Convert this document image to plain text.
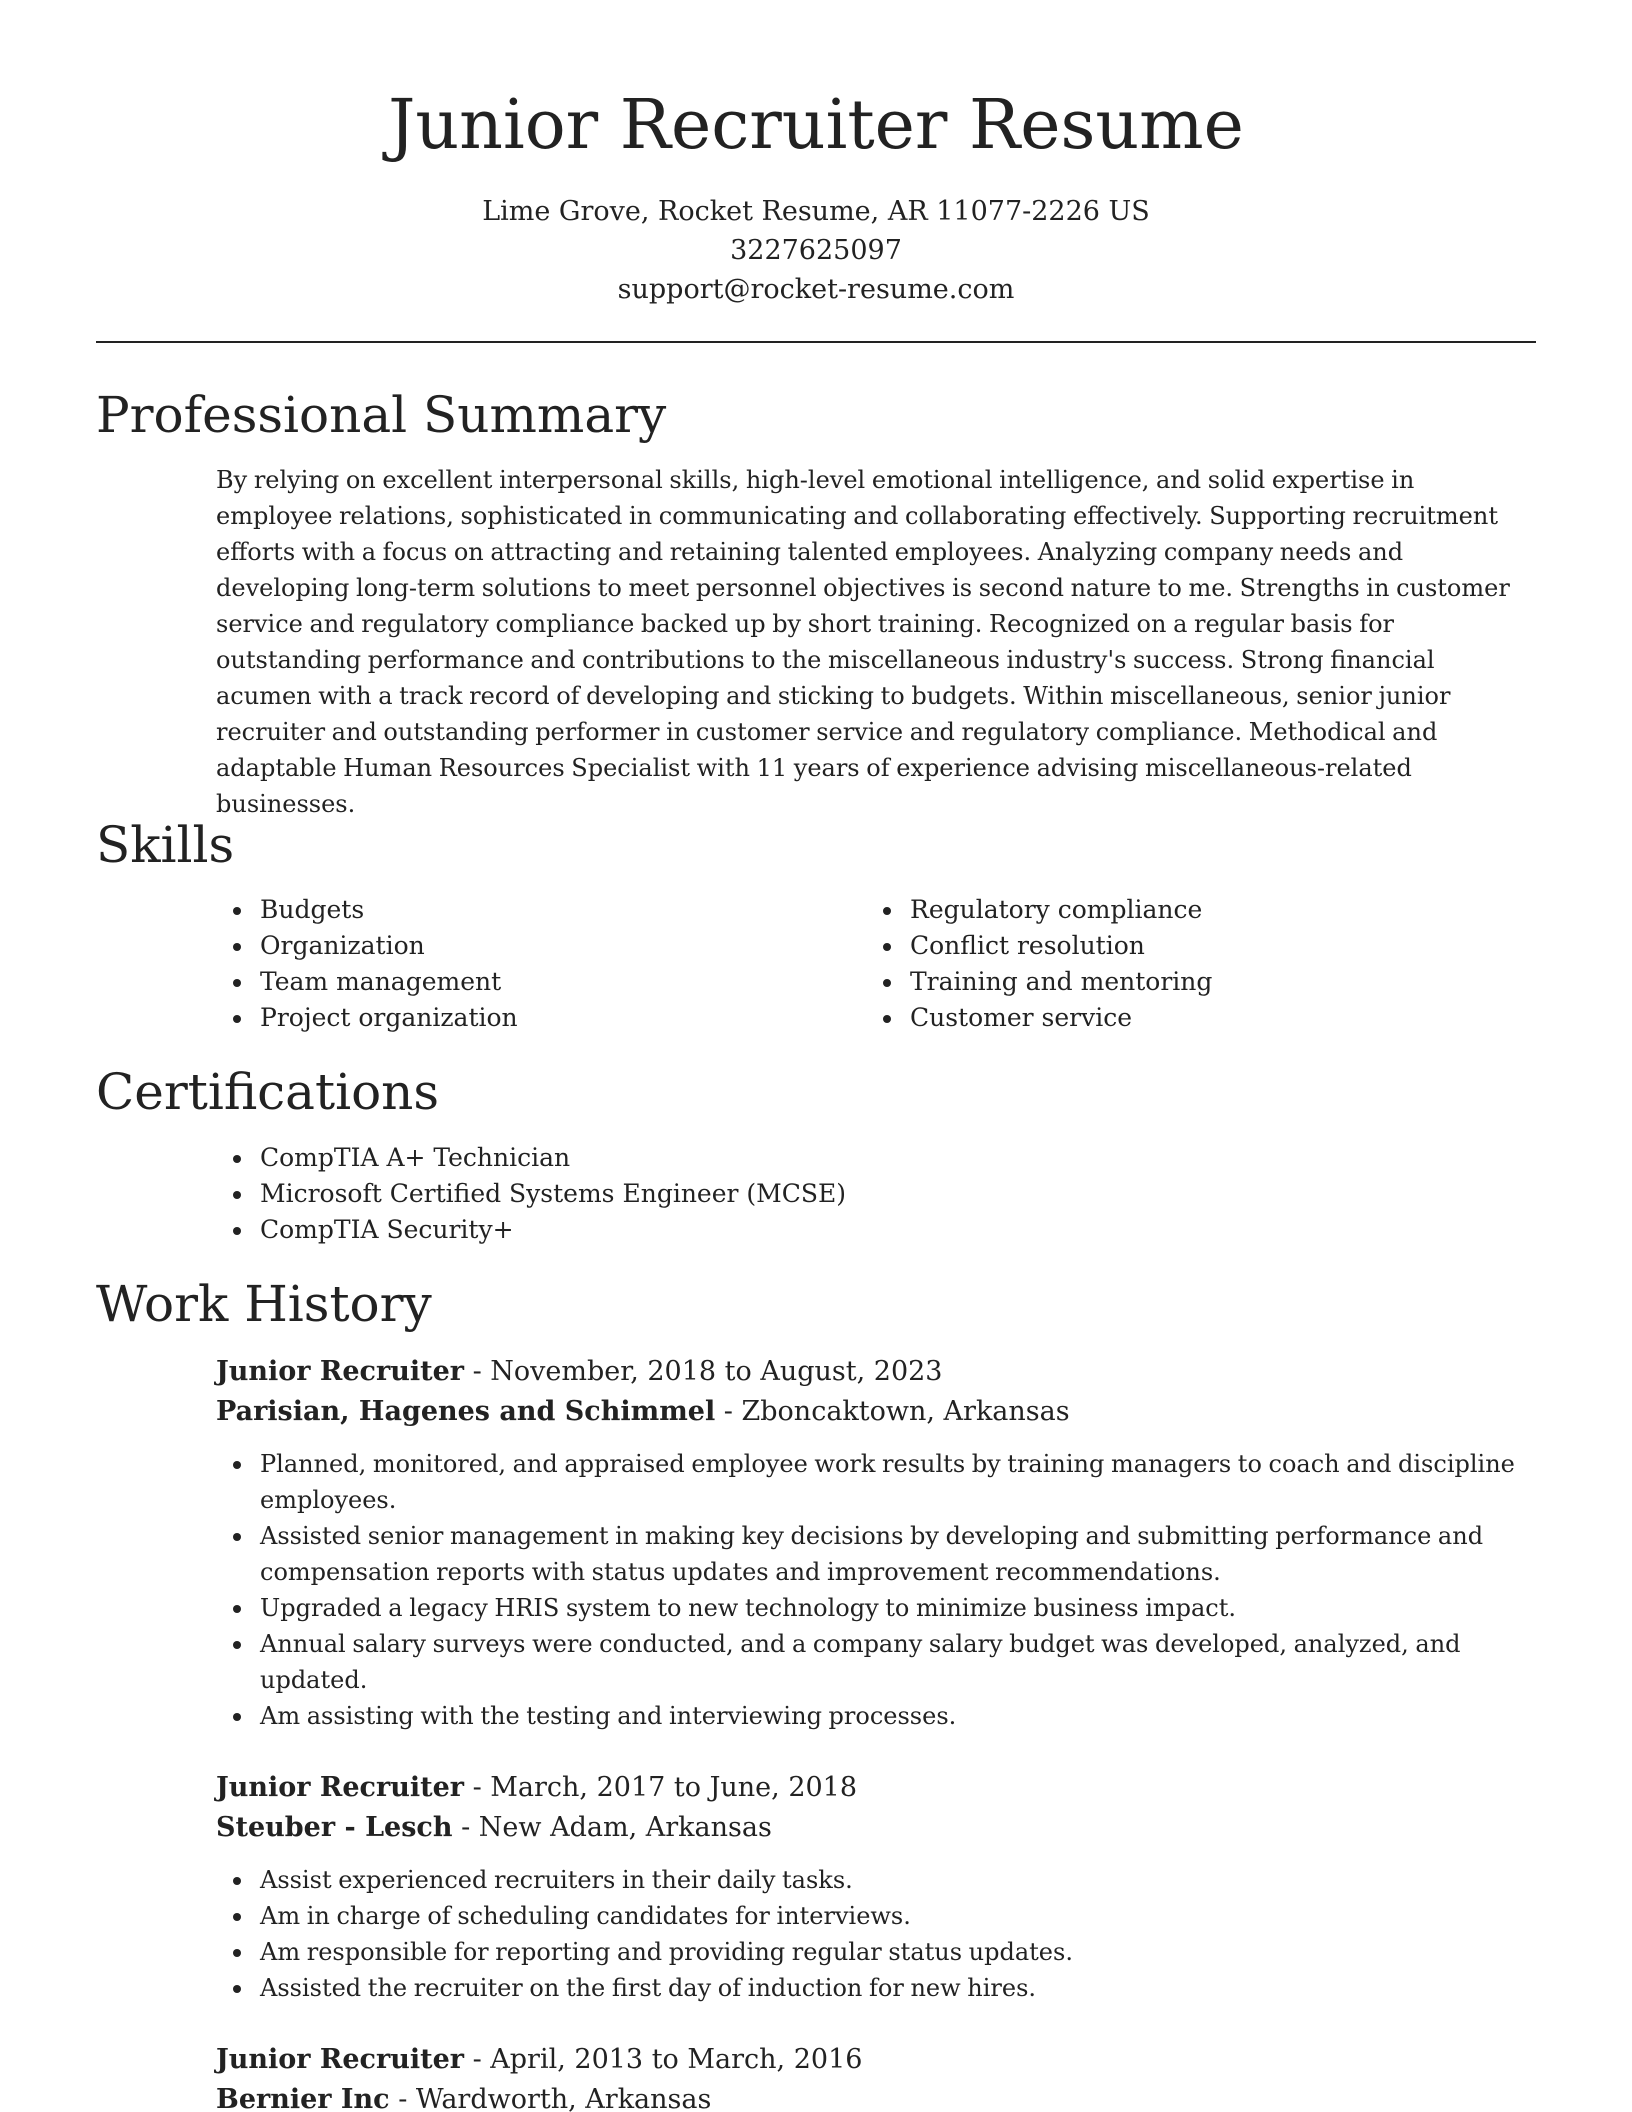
Junior Recruiter Resume
Lime Grove, Rocket Resume, AR 11077-2226 US
3227625097
support@rocket-resume.com
Professional Summary

By relying on excellent interpersonal skills, high-level emotional intelligence, and solid expertise in employee relations, sophisticated in communicating and collaborating effectively. Supporting recruitment efforts with a focus on attracting and retaining talented employees. Analyzing company needs and developing long-term solutions to meet personnel objectives is second nature to me. Strengths in customer service and regulatory compliance backed up by short training. Recognized on a regular basis for outstanding performance and contributions to the miscellaneous industry's success. Strong financial acumen with a track record of developing and sticking to budgets. Within miscellaneous, senior junior recruiter and outstanding performer in customer service and regulatory compliance. Methodical and adaptable Human Resources Specialist with 11 years of experience advising miscellaneous-related businesses.

Skills
Budgets
Organization
Team management
Project organization
Regulatory compliance
Conflict resolution
Training and mentoring
Customer service
Certifications
CompTIA A+ Technician
Microsoft Certified Systems Engineer (MCSE)
CompTIA Security+
Work History
Junior Recruiter - November, 2018 to August, 2023
Parisian, Hagenes and Schimmel - Zboncaktown, Arkansas
Planned, monitored, and appraised employee work results by training managers to coach and discipline employees.
Assisted senior management in making key decisions by developing and submitting performance and compensation reports with status updates and improvement recommendations.
Upgraded a legacy HRIS system to new technology to minimize business impact.
Annual salary surveys were conducted, and a company salary budget was developed, analyzed, and updated.
Am assisting with the testing and interviewing processes.
Junior Recruiter - March, 2017 to June, 2018
Steuber - Lesch - New Adam, Arkansas
Assist experienced recruiters in their daily tasks.
Am in charge of scheduling candidates for interviews.
Am responsible for reporting and providing regular status updates.
Assisted the recruiter on the first day of induction for new hires.
Junior Recruiter - April, 2013 to March, 2016
Bernier Inc - Wardworth, Arkansas
